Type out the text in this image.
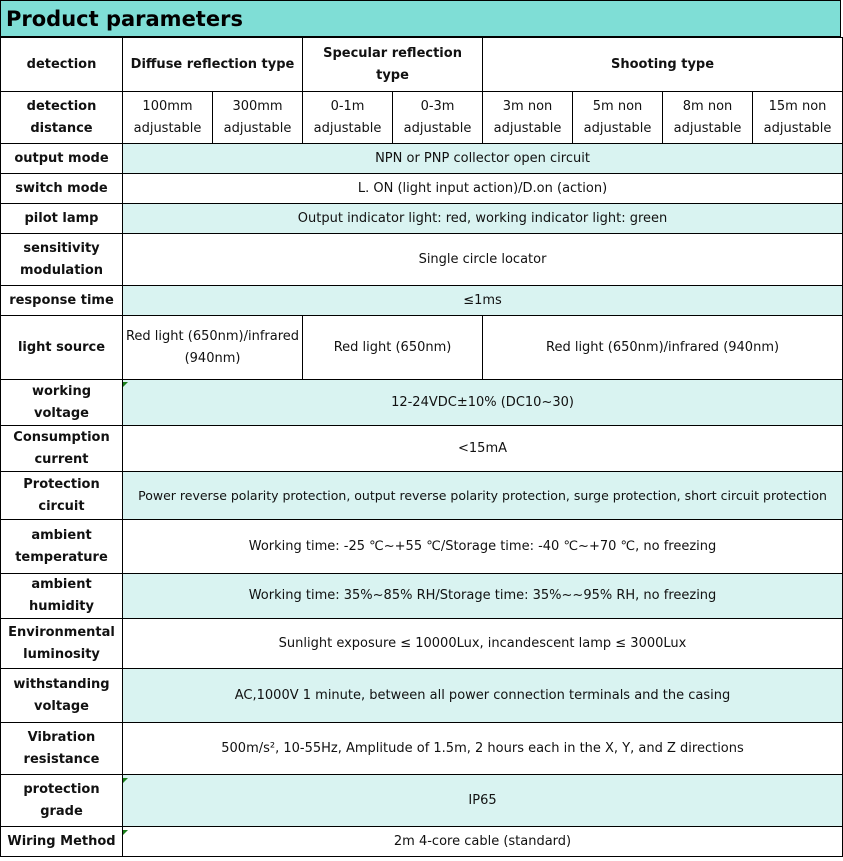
Product parameters
detection	Diffuse reflection type		Specular reflection type		Shooting type			
detection distance	100mm adjustable	300mm adjustable	0-1m adjustable	0-3m adjustable	3m non adjustable	5m non adjustable	8m non adjustable	15m non adjustable
output mode	NPN or PNP collector open circuit							
switch mode	L. ON (light input action)/D.on (action)							
pilot lamp	Output indicator light: red, working indicator light: green							
sensitivity modulation	Single circle locator							
response time	≤1ms							
light source	Red light (650nm)/infrared (940nm)		Red light (650nm)		Red light (650nm)/infrared (940nm)			
working voltage	12-24VDC±10% (DC10~30)							
Consumption current	<15mA							
Protection circuit	Power reverse polarity protection, output reverse polarity protection, surge protection, short circuit protection							
ambient temperature	Working time: -25 ℃~+55 ℃/Storage time: -40 ℃~+70 ℃, no freezing							
ambient humidity	Working time: 35%~85% RH/Storage time: 35%~~95% RH, no freezing							
Environmental luminosity	Sunlight exposure ≤ 10000Lux, incandescent lamp ≤ 3000Lux							
withstanding voltage	AC,1000V 1 minute, between all power connection terminals and the casing							
Vibration resistance	500m/s², 10-55Hz, Amplitude of 1.5m, 2 hours each in the X, Y, and Z directions							
protection grade	IP65							
Wiring Method	2m 4-core cable (standard)							
